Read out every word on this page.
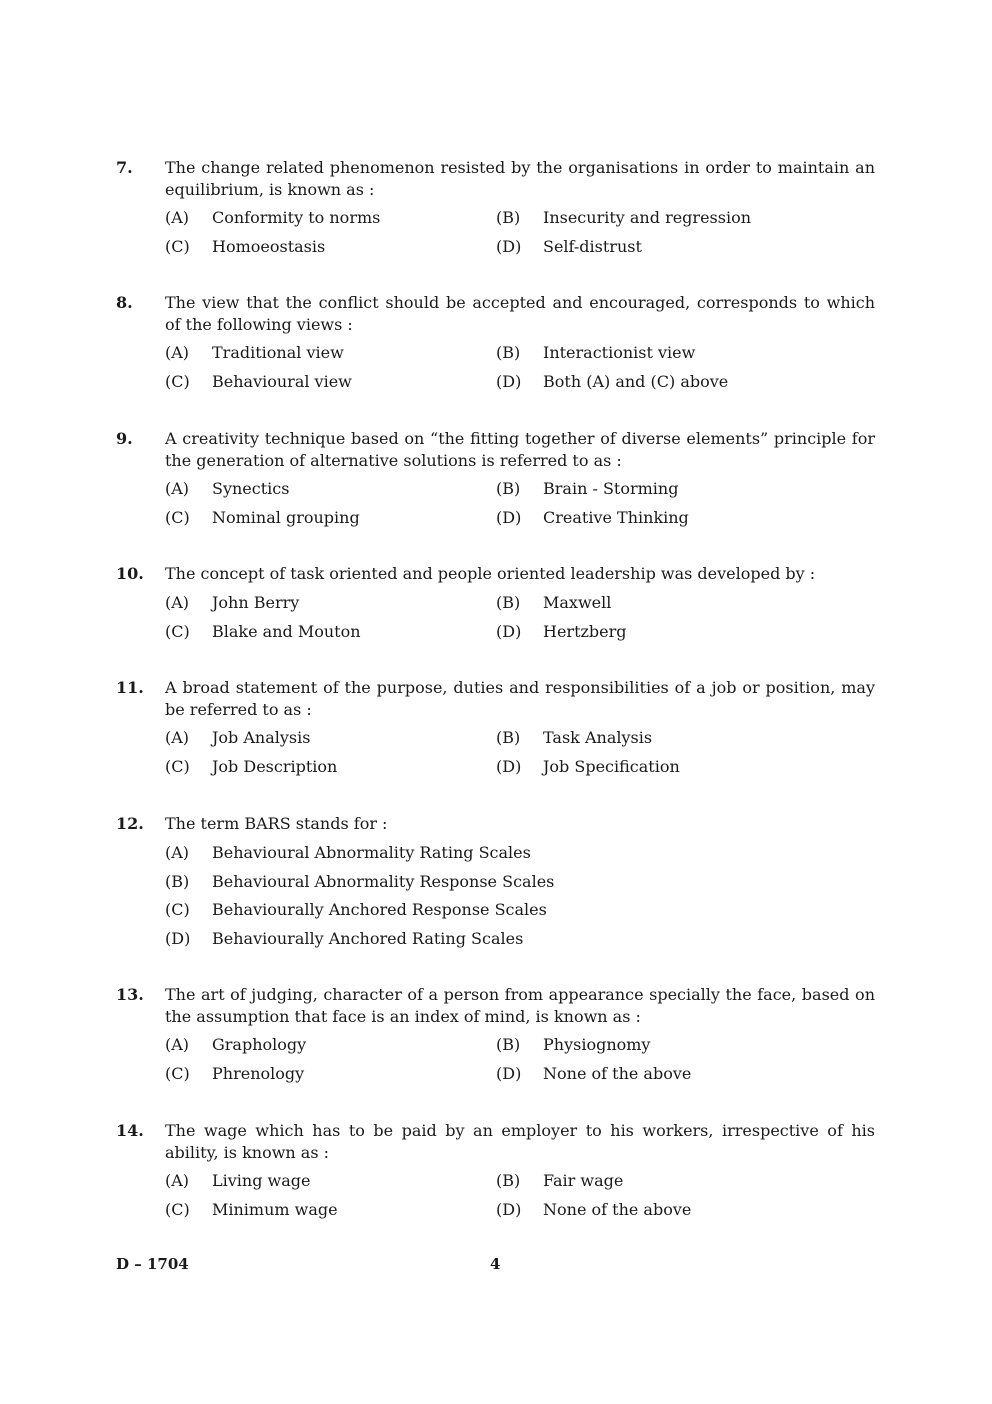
7. The change related phenomenon resisted by the organisations in order to maintain an equilibrium, is known as :
(A) Conformity to norms	(B) Insecurity and regression
(C) Homoeostasis	(D) Self-distrust
8. The view that the conflict should be accepted and encouraged, corresponds to which of the following views :
(A) Traditional view	(B) Interactionist view
(C) Behavioural view	(D) Both (A) and (C) above
9. A creativity technique based on “the fitting together of diverse elements” principle for the generation of alternative solutions is referred to as :
(A) Synectics	(B) Brain - Storming
(C) Nominal grouping	(D) Creative Thinking
10. The concept of task oriented and people oriented leadership was developed by :
(A) John Berry	(B) Maxwell
(C) Blake and Mouton	(D) Hertzberg
11. A broad statement of the purpose, duties and responsibilities of a job or position, may be referred to as :
(A) Job Analysis	(B) Task Analysis
(C) Job Description	(D) Job Specification
12. The term BARS stands for :
(A) Behavioural Abnormality Rating Scales
(B) Behavioural Abnormality Response Scales
(C) Behaviourally Anchored Response Scales
(D) Behaviourally Anchored Rating Scales
13. The art of judging, character of a person from appearance specially the face, based on the assumption that face is an index of mind, is known as :
(A) Graphology	(B) Physiognomy
(C) Phrenology	(D) None of the above
14. The wage which has to be paid by an employer to his workers, irrespective of his ability, is known as :
(A) Living wage	(B) Fair wage
(C) Minimum wage	(D) None of the above
D – 1704	4
